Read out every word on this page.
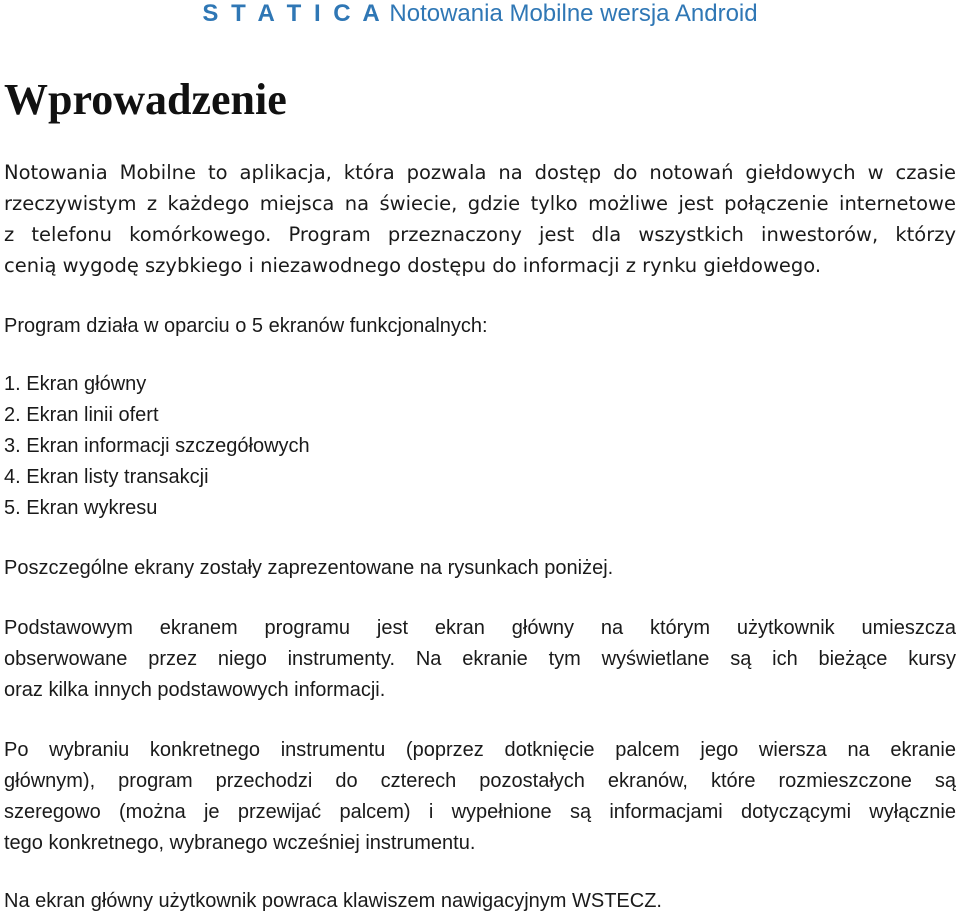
S T A T I C A Notowania Mobilne wersja Android
Wprowadzenie
Notowania Mobilne to aplikacja, która pozwala na dostęp do notowań giełdowych w czasie
rzeczywistym z każdego miejsca na świecie, gdzie tylko możliwe jest połączenie internetowe
z telefonu komórkowego. Program przeznaczony jest dla wszystkich inwestorów, którzy
cenią wygodę szybkiego i niezawodnego dostępu do informacji z rynku giełdowego.

Program działa w oparciu o 5 ekranów funkcjonalnych:

1. Ekran główny
2. Ekran linii ofert
3. Ekran informacji szczegółowych
4. Ekran listy transakcji
5. Ekran wykresu

Poszczególne ekrany zostały zaprezentowane na rysunkach poniżej.

Podstawowym ekranem programu jest ekran główny na którym użytkownik umieszcza
obserwowane przez niego instrumenty. Na ekranie tym wyświetlane są ich bieżące kursy
oraz kilka innych podstawowych informacji.
Po wybraniu konkretnego instrumentu (poprzez dotknięcie palcem jego wiersza na ekranie
głównym), program przechodzi do czterech pozostałych ekranów, które rozmieszczone są
szeregowo (można je przewijać palcem) i wypełnione są informacjami dotyczącymi wyłącznie
tego konkretnego, wybranego wcześniej instrumentu.

Na ekran główny użytkownik powraca klawiszem nawigacyjnym WSTECZ.
